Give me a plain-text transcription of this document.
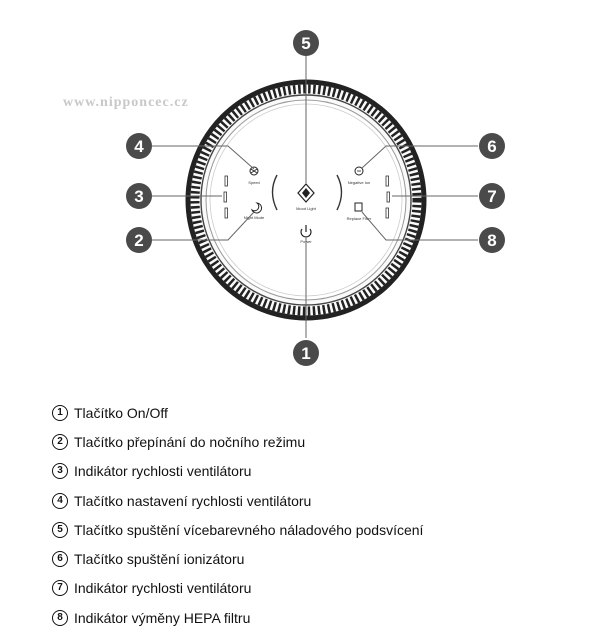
www.nipponcec.cz
Speed
Night Mode
Mood Light
Power
Negative Ion
Replace Filter
1
2
3
4
5
6
7
8
1 Tlačítko On/Off
2 Tlačítko přepínání do nočního režimu
3 Indikátor rychlosti ventilátoru
4 Tlačítko nastavení rychlosti ventilátoru
5 Tlačítko spuštění vícebarevného náladového podsvícení
6 Tlačítko spuštění ionizátoru
7 Indikátor rychlosti ventilátoru
8 Indikátor výměny HEPA filtru
